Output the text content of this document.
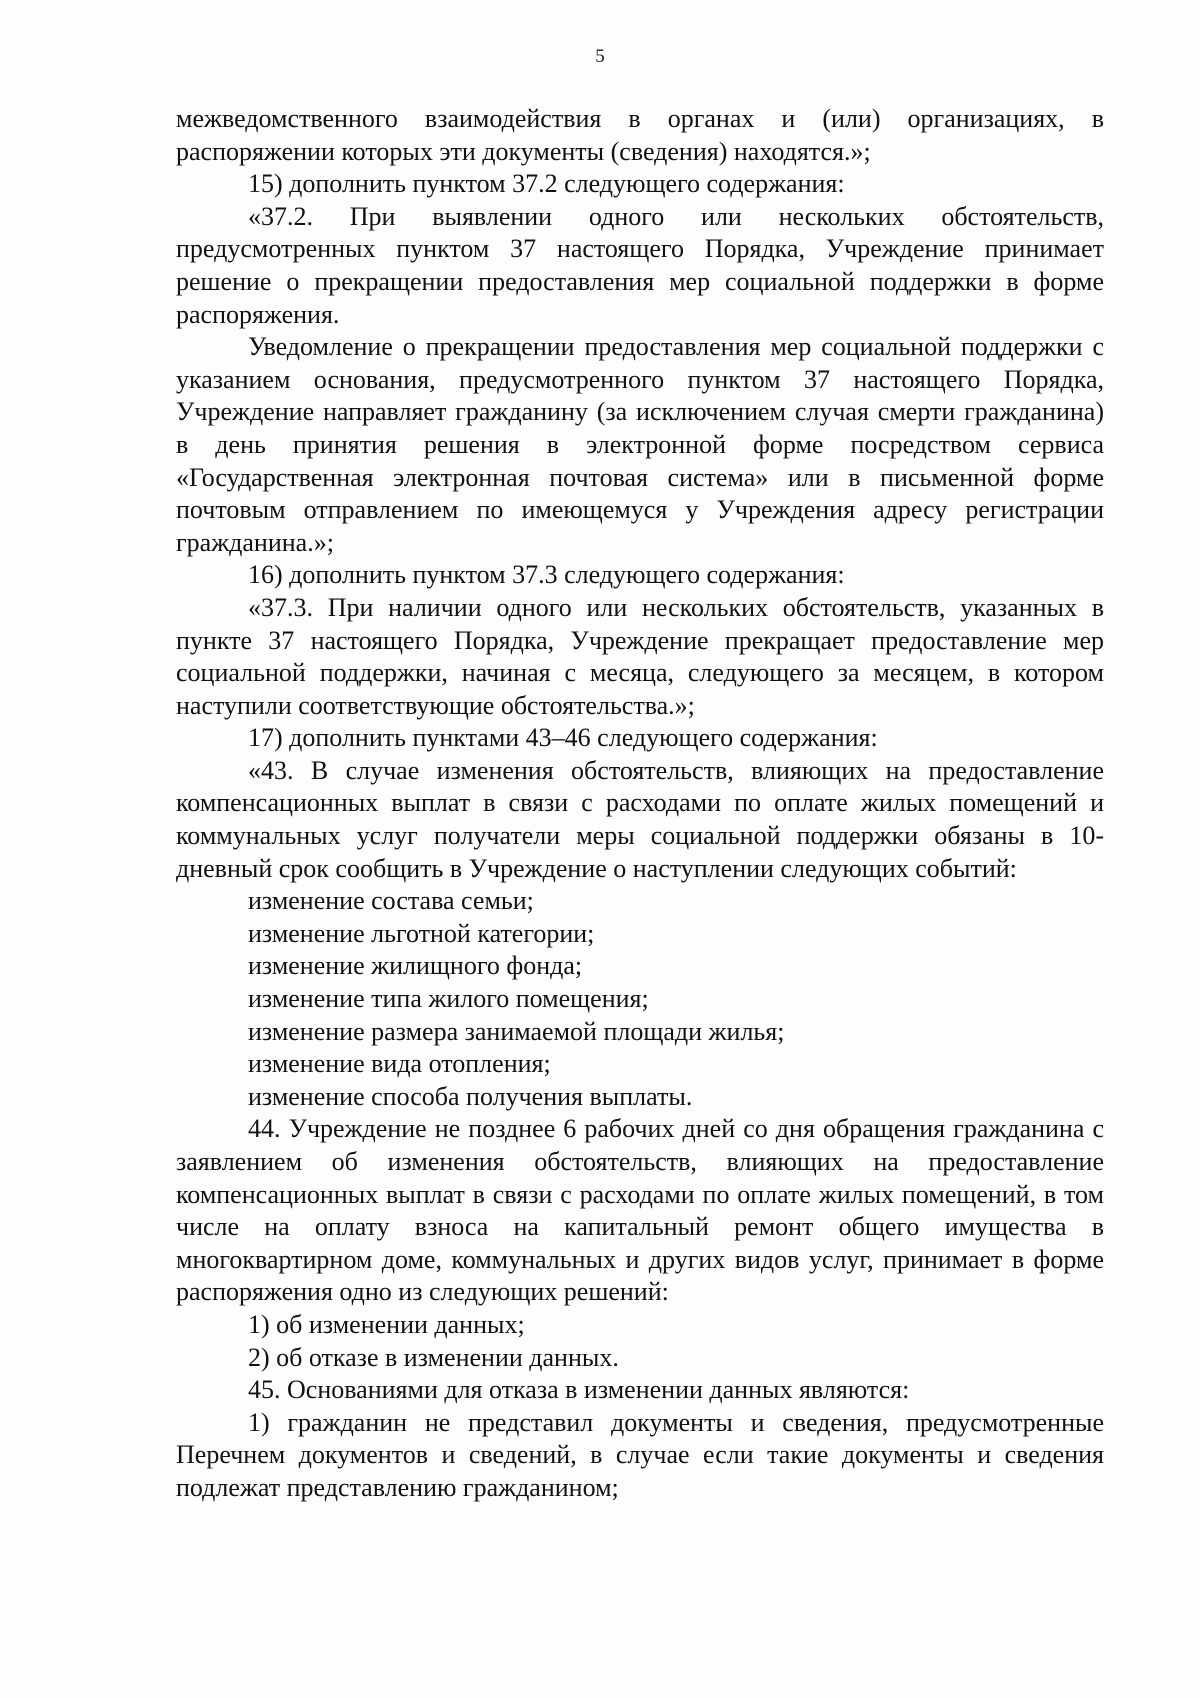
5

межведомственного взаимодействия в органах и (или) организациях, в распоряжении которых эти документы (сведения) находятся.»;

15) дополнить пунктом 37.2 следующего содержания:

«37.2. При выявлении одного или нескольких обстоятельств, предусмотренных пунктом 37 настоящего Порядка, Учреждение принимает решение о прекращении предоставления мер социальной поддержки в форме распоряжения.

Уведомление о прекращении предоставления мер социальной поддержки с указанием основания, предусмотренного пунктом 37 настоящего Порядка, Учреждение направляет гражданину (за исключением случая смерти гражданина) в день принятия решения в электронной форме посредством сервиса «Государственная электронная почтовая система» или в письменной форме почтовым отправлением по имеющемуся у Учреждения адресу регистрации гражданина.»;

16) дополнить пунктом 37.3 следующего содержания:

«37.3. При наличии одного или нескольких обстоятельств, указанных в пункте 37 настоящего Порядка, Учреждение прекращает предоставление мер социальной поддержки, начиная с месяца, следующего за месяцем, в котором наступили соответствующие обстоятельства.»;

17) дополнить пунктами 43–46 следующего содержания:

«43. В случае изменения обстоятельств, влияющих на предоставление компенсационных выплат в связи с расходами по оплате жилых помещений и коммунальных услуг получатели меры социальной поддержки обязаны в 10-дневный срок сообщить в Учреждение о наступлении следующих событий:

изменение состава семьи;

изменение льготной категории;

изменение жилищного фонда;

изменение типа жилого помещения;

изменение размера занимаемой площади жилья;

изменение вида отопления;

изменение способа получения выплаты.

44. Учреждение не позднее 6 рабочих дней со дня обращения гражданина с заявлением об изменения обстоятельств, влияющих на предоставление компенсационных выплат в связи с расходами по оплате жилых помещений, в том числе на оплату взноса на капитальный ремонт общего имущества в многоквартирном доме, коммунальных и других видов услуг, принимает в форме распоряжения одно из следующих решений:

1) об изменении данных;

2) об отказе в изменении данных.

45. Основаниями для отказа в изменении данных являются:

1) гражданин не представил документы и сведения, предусмотренные Перечнем документов и сведений, в случае если такие документы и сведения подлежат представлению гражданином;
